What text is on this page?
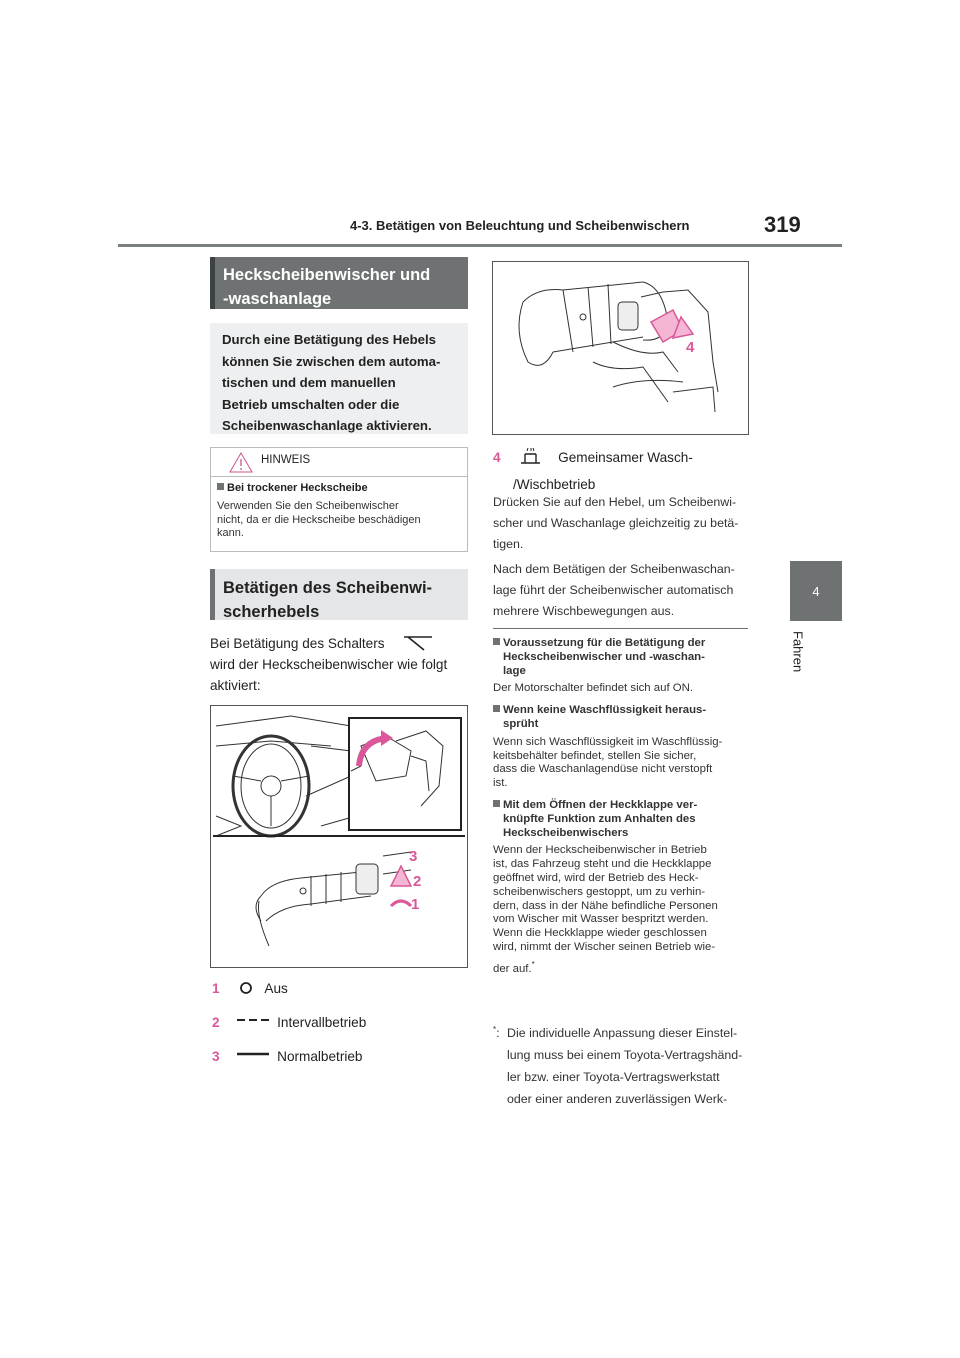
4-3. Betätigen von Beleuchtung und Scheibenwischern	319
4
Fahren
Heckscheibenwischer und
-waschanlage
Durch eine Betätigung des Hebels
können Sie zwischen dem automa-
tischen und dem manuellen
Betrieb umschalten oder die
Scheibenwaschanlage aktivieren.
HINWEIS
Bei trockener Heckscheibe
Verwenden Sie den Scheibenwischer
nicht, da er die Heckscheibe beschädigen
kann.
Betätigen des Scheibenwi-
scherhebels
Bei Betätigung des Schalters
wird der Heckscheibenwischer wie folgt
aktiviert:
3
2
1
1	Aus
2	Intervallbetrieb
3	Normalbetrieb
4
4	Gemeinsamer Wasch-
/Wischbetrieb
Drücken Sie auf den Hebel, um Scheibenwi-
scher und Waschanlage gleichzeitig zu betä-
tigen.
Nach dem Betätigen der Scheibenwaschan-
lage führt der Scheibenwischer automatisch
mehrere Wischbewegungen aus.
Voraussetzung für die Betätigung der
Heckscheibenwischer und -waschan-
lage
Der Motorschalter befindet sich auf ON.
Wenn keine Waschflüssigkeit heraus-
sprüht
Wenn sich Waschflüssigkeit im Waschflüssig-
keitsbehälter befindet, stellen Sie sicher,
dass die Waschanlagendüse nicht verstopft
ist.
Mit dem Öffnen der Heckklappe ver-
knüpfte Funktion zum Anhalten des
Heckscheibenwischers
Wenn der Heckscheibenwischer in Betrieb
ist, das Fahrzeug steht und die Heckklappe
geöffnet wird, wird der Betrieb des Heck-
scheibenwischers gestoppt, um zu verhin-
dern, dass in der Nähe befindliche Personen
vom Wischer mit Wasser bespritzt werden.
Wenn die Heckklappe wieder geschlossen
wird, nimmt der Wischer seinen Betrieb wie-
der auf.*
*: Die individuelle Anpassung dieser Einstel-
lung muss bei einem Toyota-Vertragshänd-
ler bzw. einer Toyota-Vertragswerkstatt
oder einer anderen zuverlässigen Werk-
